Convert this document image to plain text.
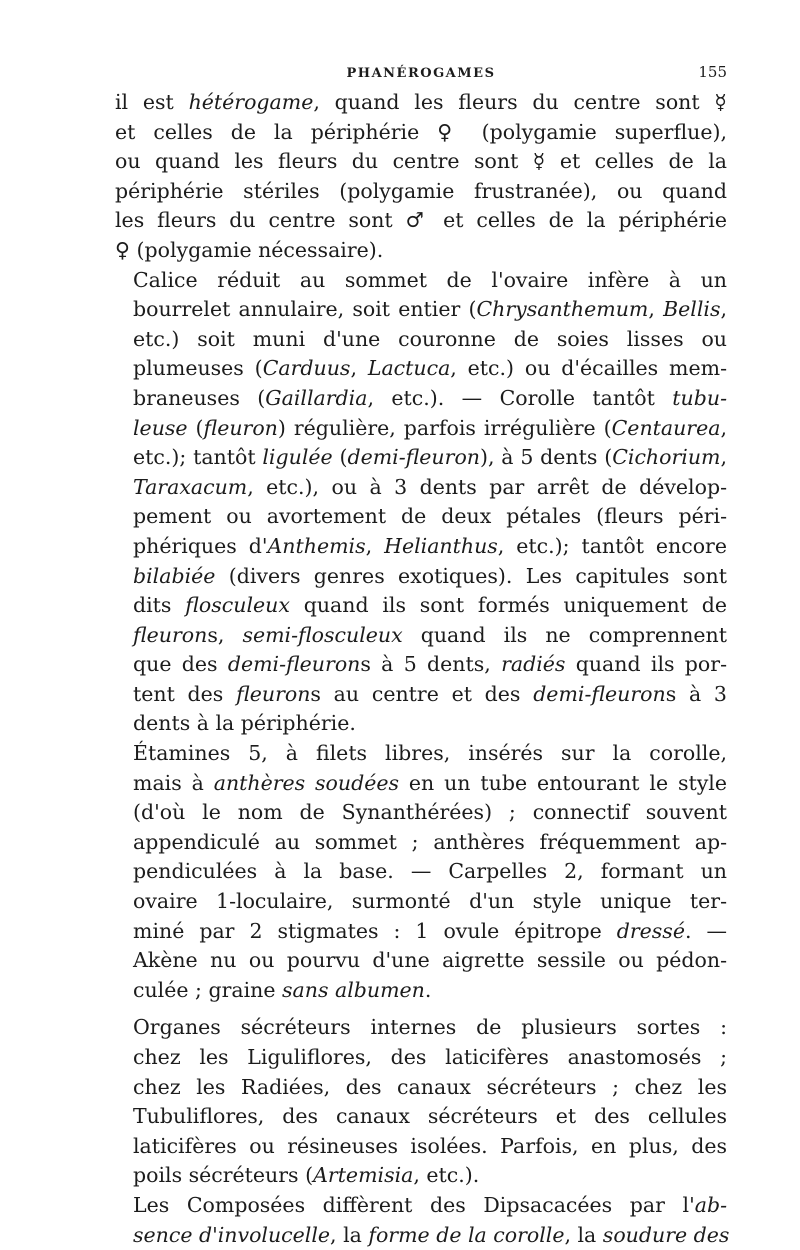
PHANÉROGAMES	155
il est hétérogame, quand les fleurs du centre sont ☿
et celles de la périphérie ♀ (polygamie superflue),
ou quand les fleurs du centre sont ☿ et celles de la
périphérie stériles (polygamie frustranée), ou quand
les fleurs du centre sont ♂ et celles de la périphérie
♀ (polygamie nécessaire).
Calice réduit au sommet de l'ovaire infère à un
bourrelet annulaire, soit entier (Chrysanthemum, Bellis,
etc.) soit muni d'une couronne de soies lisses ou
plumeuses (Carduus, Lactuca, etc.) ou d'écailles mem-
braneuses (Gaillardia, etc.). — Corolle tantôt tubu-
leuse (fleuron) régulière, parfois irrégulière (Centaurea,
etc.); tantôt ligulée (demi-fleuron), à 5 dents (Cichorium,
Taraxacum, etc.), ou à 3 dents par arrêt de dévelop-
pement ou avortement de deux pétales (fleurs péri-
phériques d'Anthemis, Helianthus, etc.); tantôt encore
bilabiée (divers genres exotiques). Les capitules sont
dits flosculeux quand ils sont formés uniquement de
fleurons, semi-flosculeux quand ils ne comprennent
que des demi-fleurons à 5 dents, radiés quand ils por-
tent des fleurons au centre et des demi-fleurons à 3
dents à la périphérie.
Étamines 5, à filets libres, insérés sur la corolle,
mais à anthères soudées en un tube entourant le style
(d'où le nom de Synanthérées) ; connectif souvent
appendiculé au sommet ; anthères fréquemment ap-
pendiculées à la base. — Carpelles 2, formant un
ovaire 1-loculaire, surmonté d'un style unique ter-
miné par 2 stigmates : 1 ovule épitrope dressé. —
Akène nu ou pourvu d'une aigrette sessile ou pédon-
culée ; graine sans albumen.
Organes sécréteurs internes de plusieurs sortes :
chez les Liguliflores, des laticifères anastomosés ;
chez les Radiées, des canaux sécréteurs ; chez les
Tubuliflores, des canaux sécréteurs et des cellules
laticifères ou résineuses isolées. Parfois, en plus, des
poils sécréteurs (Artemisia, etc.).
Les Composées diffèrent des Dipsacacées par l'ab-
sence d'involucelle, la forme de la corolle, la soudure des
